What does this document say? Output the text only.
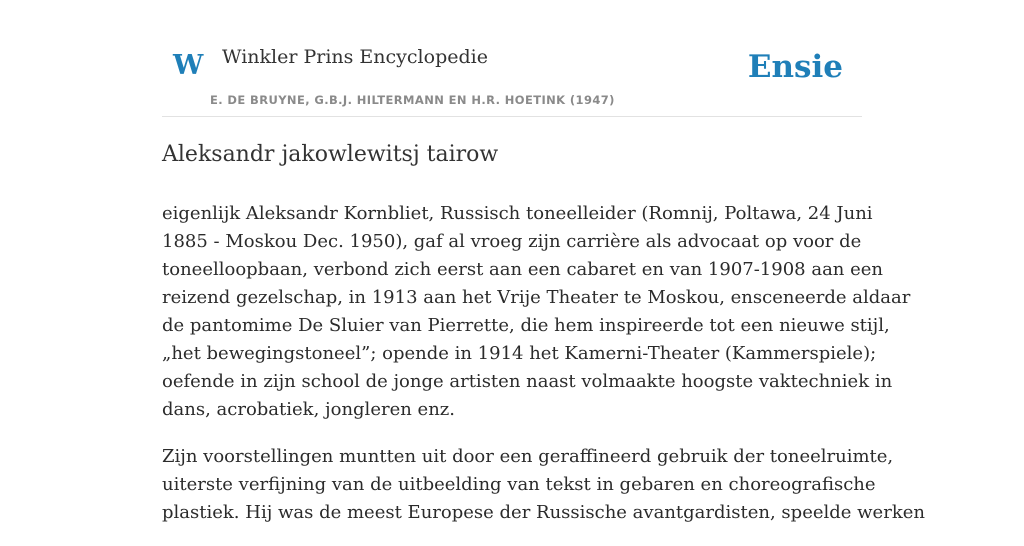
W Winkler Prins Encyclopedie
E. DE BRUYNE, G.B.J. HILTERMANN EN H.R. HOETINK (1947)
Ensie
Aleksandr jakowlewitsj tairow

eigenlijk Aleksandr Kornbliet, Russisch toneelleider (Romnij, Poltawa, 24 Juni
1885 - Moskou Dec. 1950), gaf al vroeg zijn carrière als advocaat op voor de
toneelloopbaan, verbond zich eerst aan een cabaret en van 1907-1908 aan een
reizend gezelschap, in 1913 aan het Vrije Theater te Moskou, ensceneerde aldaar
de pantomime De Sluier van Pierrette, die hem inspireerde tot een nieuwe stijl,
„het bewegingstoneel”; opende in 1914 het Kamerni-Theater (Kammerspiele);
oefende in zijn school de jonge artisten naast volmaakte hoogste vaktechniek in
dans, acrobatiek, jongleren enz.

Zijn voorstellingen muntten uit door een geraffineerd gebruik der toneelruimte,
uiterste verfijning van de uitbeelding van tekst in gebaren en choreografische
plastiek. Hij was de meest Europese der Russische avantgardisten, speelde werken
